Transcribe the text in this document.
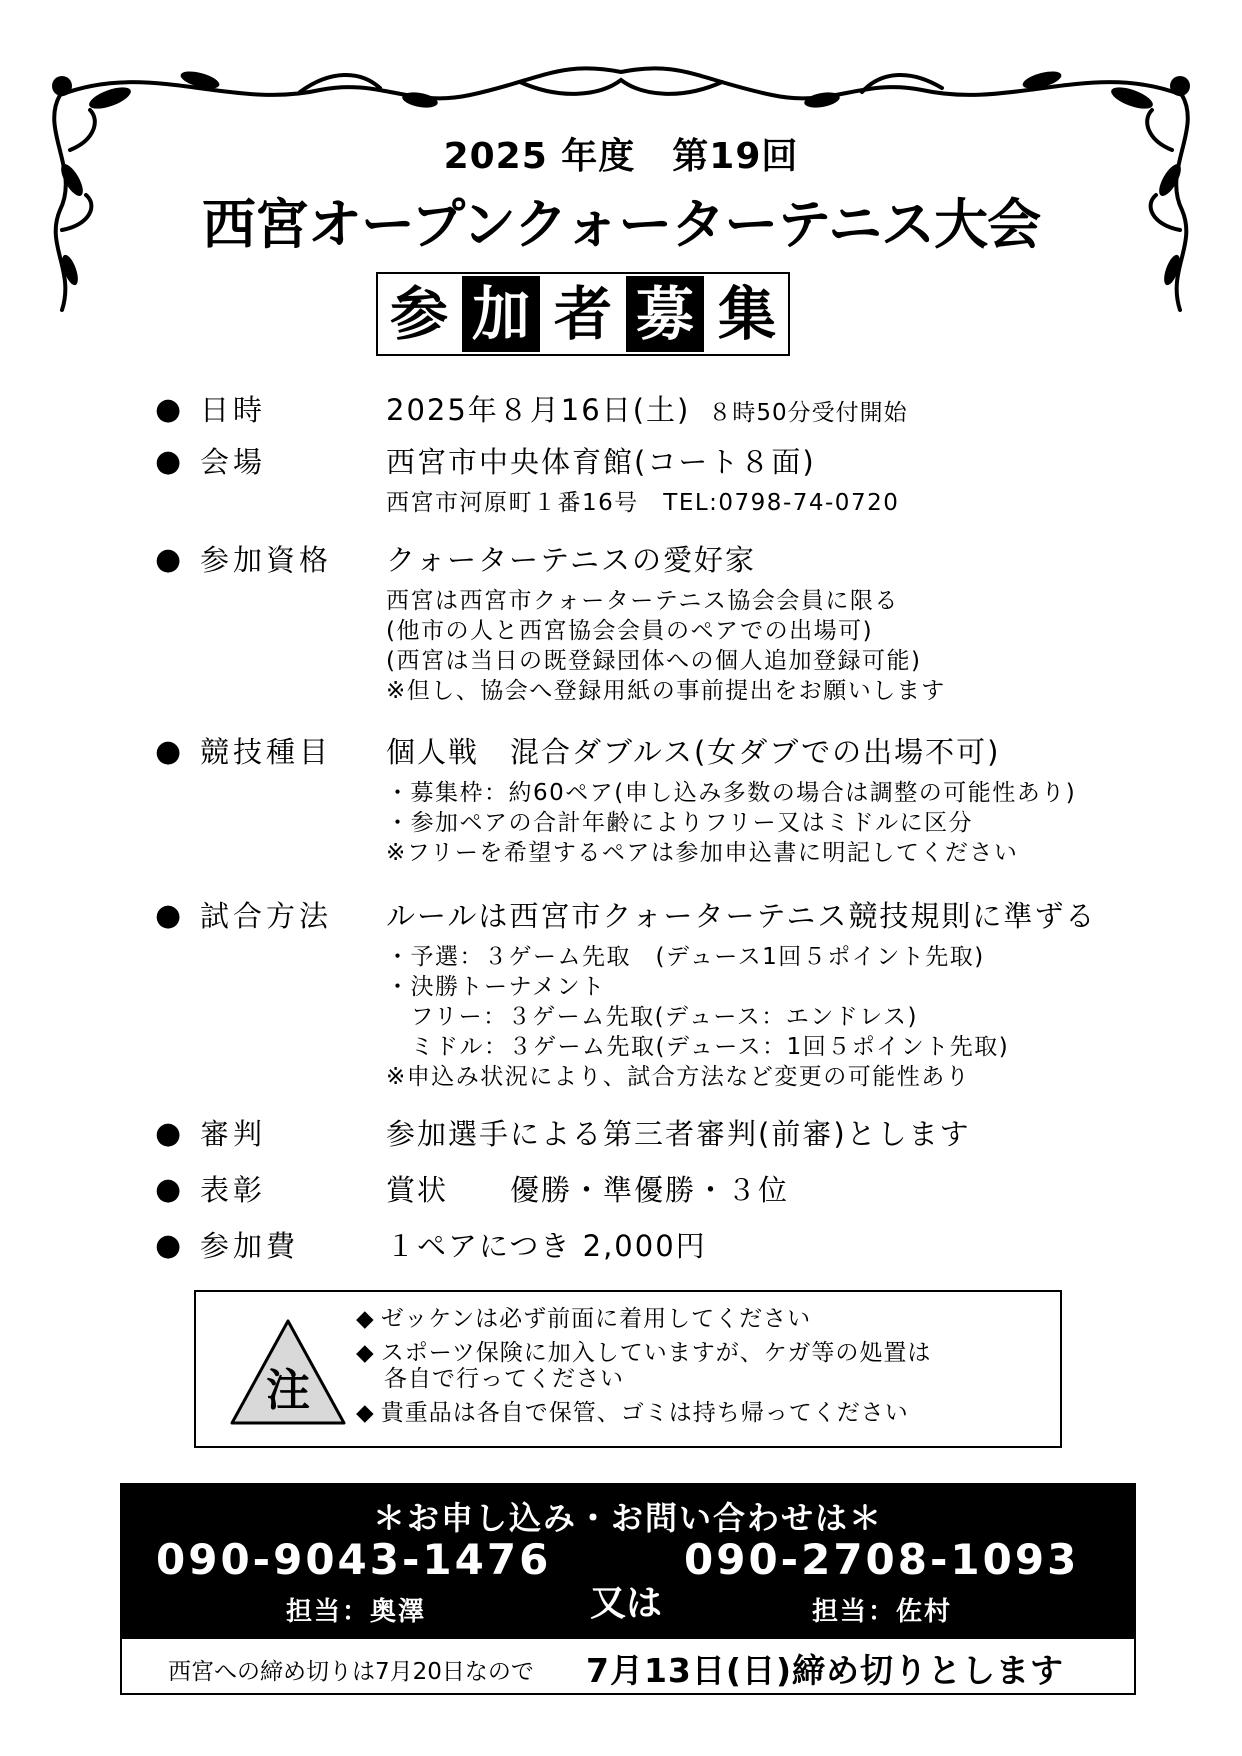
2025 年度　第19回
西宮オープンクォーターテニス大会
参 加 者 募 集
● 日時	2025年８月16日(土) ８時50分受付開始
● 会場	西宮市中央体育館(コート８面)
西宮市河原町１番16号　TEL:0798-74-0720
● 参加資格 クォーターテニスの愛好家
西宮は西宮市クォーターテニス協会会員に限る
(他市の人と西宮協会会員のペアでの出場可)
(西宮は当日の既登録団体への個人追加登録可能)
※但し、協会へ登録用紙の事前提出をお願いします
● 競技種目 個人戦　混合ダブルス(女ダブでの出場不可)
・募集枠：約60ペア(申し込み多数の場合は調整の可能性あり)
・参加ペアの合計年齢によりフリー又はミドルに区分
※フリーを希望するペアは参加申込書に明記してください
● 試合方法 ルールは西宮市クォーターテニス競技規則に準ずる
・予選：３ゲーム先取　(デュース1回５ポイント先取)
・決勝トーナメント
　フリー：３ゲーム先取(デュース：エンドレス)
　ミドル：３ゲーム先取(デュース：1回５ポイント先取)
※申込み状況により、試合方法など変更の可能性あり
● 審判	参加選手による第三者審判(前審)とします
● 表彰	賞状　　優勝・準優勝・３位
● 参加費	１ペアにつき 2,000円
注
◆ ゼッケンは必ず前面に着用してください
◆ スポーツ保険に加入していますが、ケガ等の処置は
各自で行ってください
◆ 貴重品は各自で保管、ゴミは持ち帰ってください
＊お申し込み・お問い合わせは＊
090-9043-1476
担当：奥澤	又は
090-2708-1093
担当：佐村
西宮への締め切りは7月20日なので 7月13日(日)締め切りとします
